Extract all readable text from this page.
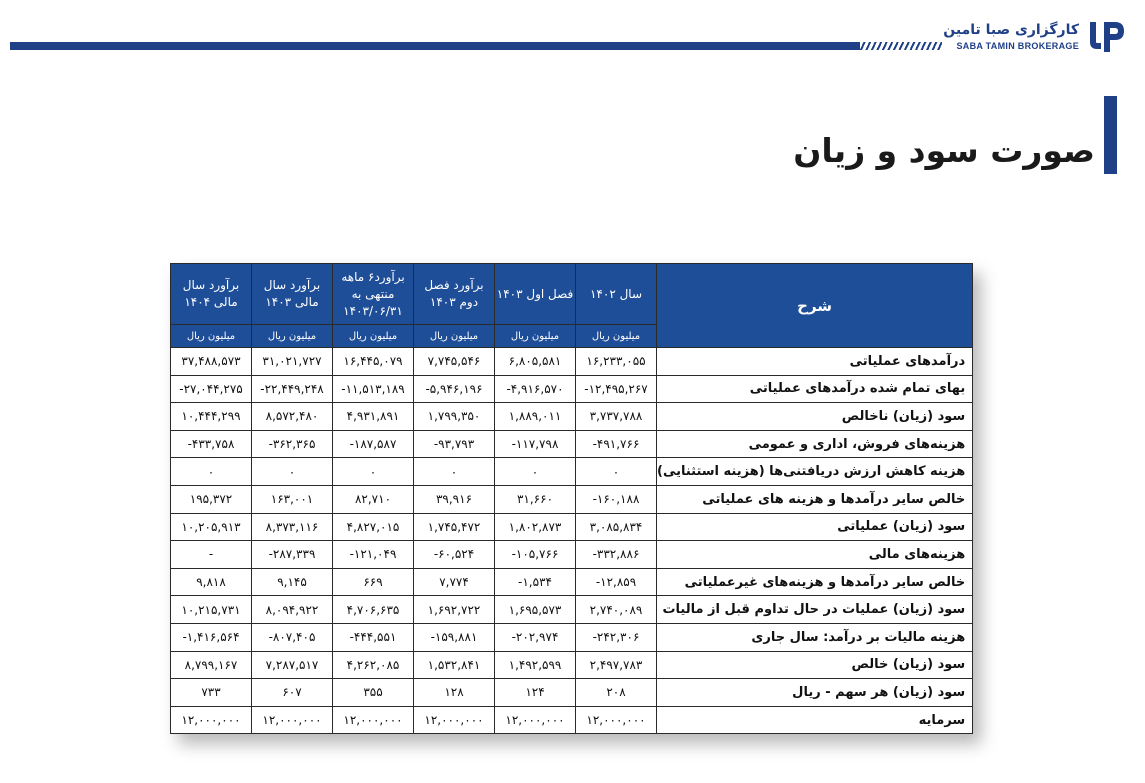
کارگزاری صبا تامین
SABA TAMIN BROKERAGE
صورت سود و زیان
شرح	سال ۱۴۰۲	فصل اول ۱۴۰۳	برآورد فصل دوم ۱۴۰۳	برآورد۶ ماهه منتهی به ۱۴۰۳/۰۶/۳۱	برآورد سال مالی ۱۴۰۳	برآورد سال مالی ۱۴۰۴
	میلیون ریال	میلیون ریال	میلیون ریال	میلیون ریال	میلیون ریال	میلیون ریال
درآمدهای عملیاتی	۱۶,۲۳۳,۰۵۵	۶,۸۰۵,۵۸۱	۷,۷۴۵,۵۴۶	۱۶,۴۴۵,۰۷۹	۳۱,۰۲۱,۷۲۷	۳۷,۴۸۸,۵۷۳
بهای تمام شده درآمدهای عملیاتی	-۱۲,۴۹۵,۲۶۷	-۴,۹۱۶,۵۷۰	-۵,۹۴۶,۱۹۶	-۱۱,۵۱۳,۱۸۹	-۲۲,۴۴۹,۲۴۸	-۲۷,۰۴۴,۲۷۵
سود (زیان) ناخالص	۳,۷۳۷,۷۸۸	۱,۸۸۹,۰۱۱	۱,۷۹۹,۳۵۰	۴,۹۳۱,۸۹۱	۸,۵۷۲,۴۸۰	۱۰,۴۴۴,۲۹۹
هزینه‌های فروش، اداری و عمومی	-۴۹۱,۷۶۶	-۱۱۷,۷۹۸	-۹۳,۷۹۳	-۱۸۷,۵۸۷	-۳۶۲,۳۶۵	-۴۳۳,۷۵۸
هزینه کاهش ارزش دریافتنی‌ها (هزینه استثنایی)	۰	۰	۰	۰	۰	۰
خالص سایر درآمدها و هزینه های عملیاتی	-۱۶۰,۱۸۸	۳۱,۶۶۰	۳۹,۹۱۶	۸۲,۷۱۰	۱۶۳,۰۰۱	۱۹۵,۳۷۲
سود (زیان) عملیاتی	۳,۰۸۵,۸۳۴	۱,۸۰۲,۸۷۳	۱,۷۴۵,۴۷۲	۴,۸۲۷,۰۱۵	۸,۳۷۳,۱۱۶	۱۰,۲۰۵,۹۱۳
هزینه‌های مالی	-۳۳۲,۸۸۶	-۱۰۵,۷۶۶	-۶۰,۵۲۴	-۱۲۱,۰۴۹	-۲۸۷,۳۳۹	-
خالص سایر درآمدها و هزینه‌های غیرعملیاتی	-۱۲,۸۵۹	-۱,۵۳۴	۷,۷۷۴	۶۶۹	۹,۱۴۵	۹,۸۱۸
سود (زیان) عملیات در حال تداوم قبل از مالیات	۲,۷۴۰,۰۸۹	۱,۶۹۵,۵۷۳	۱,۶۹۲,۷۲۲	۴,۷۰۶,۶۳۵	۸,۰۹۴,۹۲۲	۱۰,۲۱۵,۷۳۱
هزینه مالیات بر درآمد: سال جاری	-۲۴۲,۳۰۶	-۲۰۲,۹۷۴	-۱۵۹,۸۸۱	-۴۴۴,۵۵۱	-۸۰۷,۴۰۵	-۱,۴۱۶,۵۶۴
سود (زیان) خالص	۲,۴۹۷,۷۸۳	۱,۴۹۲,۵۹۹	۱,۵۳۲,۸۴۱	۴,۲۶۲,۰۸۵	۷,۲۸۷,۵۱۷	۸,۷۹۹,۱۶۷
سود (زیان) هر سهم - ریال	۲۰۸	۱۲۴	۱۲۸	۳۵۵	۶۰۷	۷۳۳
سرمایه	۱۲,۰۰۰,۰۰۰	۱۲,۰۰۰,۰۰۰	۱۲,۰۰۰,۰۰۰	۱۲,۰۰۰,۰۰۰	۱۲,۰۰۰,۰۰۰	۱۲,۰۰۰,۰۰۰
